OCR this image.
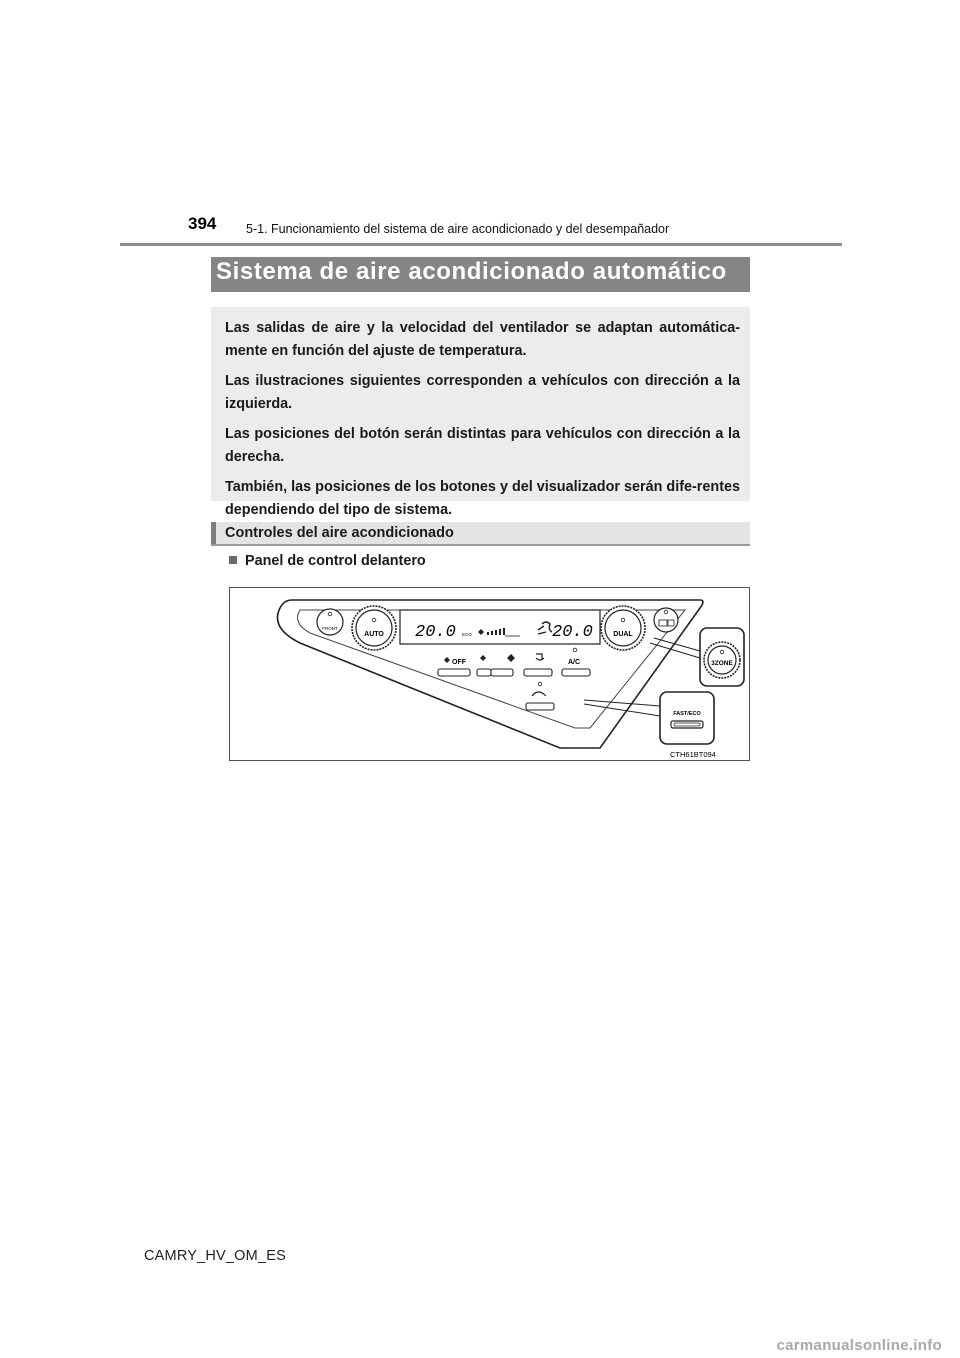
394 5-1. Funcionamiento del sistema de aire acondicionado y del desempañador
Sistema de aire acondicionado automático

Las salidas de aire y la velocidad del ventilador se adaptan automática-mente en función del ajuste de temperatura.

Las ilustraciones siguientes corresponden a vehículos con dirección a la izquierda.

Las posiciones del botón serán distintas para vehículos con dirección a la derecha.

También, las posiciones de los botones y del visualizador serán dife-rentes dependiendo del tipo de sistema.

Controles del aire acondicionado
Panel de control delantero
FRONT
AUTO 20.0 ECO	20.0	DUAL
OFF	A/C	3ZONE
FAST/ECO
CTH61BT094
CAMRY_HV_OM_ES
carmanualsonline.info
